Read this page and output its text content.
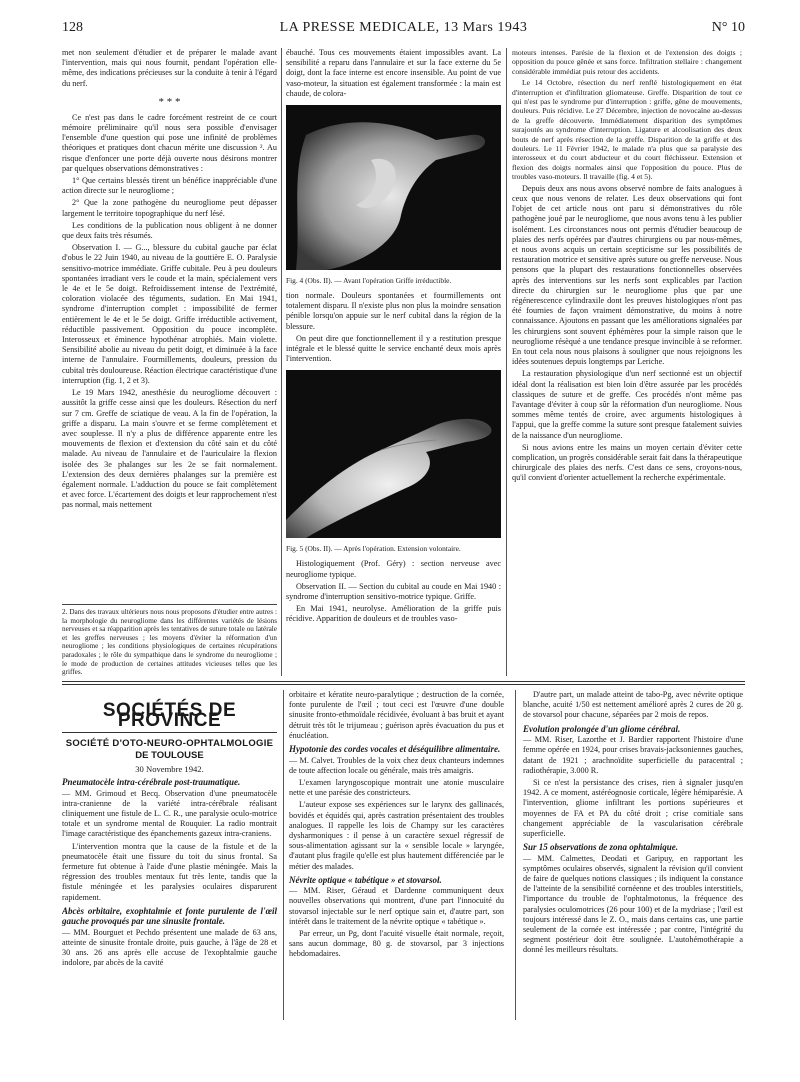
128	LA PRESSE MEDICALE, 13 Mars 1943	N° 10

met non seulement d'étudier et de préparer le malade avant l'intervention, mais qui nous fournit, pendant l'opération elle-même, des indications précieuses sur la conduite à tenir à l'égard du nerf.

* * *

Ce n'est pas dans le cadre forcément restreint de ce court mémoire préliminaire qu'il nous sera possible d'envisager l'ensemble d'une question qui pose une infinité de problèmes théoriques et pratiques dont chacun mérite une discussion ². Au risque d'enfoncer une porte déjà ouverte nous désirons montrer par quelques observations démonstratives :

1° Que certains blessés tirent un bénéfice inappréciable d'une action directe sur le neurogliome ;

2° Que la zone pathogène du neurogliome peut dépasser largement le territoire topographique du nerf lésé.

Les conditions de la publication nous obligent à ne donner que deux faits très résumés.

Observation I. — G..., blessure du cubital gauche par éclat d'obus le 22 Juin 1940, au niveau de la gouttière E. O. Paralysie sensitivo-motrice immédiate. Griffe cubitale. Peu à peu douleurs spontanées irradiant vers le coude et la main, spécialement vers le 4e et le 5e doigt. Refroidissement intense de l'extrémité, coloration violacée des téguments, sudation. En Mai 1941, syndrome d'interruption complet : impossibilité de fermer entièrement le 4e et le 5e doigt. Griffe irréductible activement, réductible passivement. Opposition du pouce incomplète. Interosseux et éminence hypothénar atrophiés. Main violette. Sensibilité abolie au niveau du petit doigt, et diminuée à la face interne de l'annulaire. Fourmillements, douleurs, pression du cubital très douloureuse. Réaction électrique caractéristique d'une interruption (fig. 1, 2 et 3).

Le 19 Mars 1942, anesthésie du neurogliome découvert : aussitôt la griffe cesse ainsi que les douleurs. Résection du nerf sur 7 cm. Greffe de sciatique de veau. A la fin de l'opération, la griffe a disparu. La main s'ouvre et se ferme complètement et avec souplesse. Il n'y a plus de différence apparente entre les mouvements de flexion et d'extension du côté sain et du côté malade. Au niveau de l'annulaire et de l'auriculaire la flexion isolée des 3e phalanges sur les 2e se fait normalement. L'extension des deux dernières phalanges sur la première est également normale. L'adduction du pouce se fait complètement et avec force. L'écartement des doigts et leur rapprochement n'est pas normal, mais nettement

2. Dans des travaux ultérieurs nous nous proposons d'étudier entre autres : la morphologie du neurogliome dans les différentes variétés de lésions nerveuses et sa réapparition après les tentatives de suture totale ou latérale et les greffes nerveuses ; les moyens d'éviter la réformation d'un neurogliome ; les conditions physiologiques de certaines récupérations paradoxales ; le rôle du sympathique dans le syndrome du neurogliome ; le mode de production de certaines attitudes vicieuses telles que les griffes.

ébauché. Tous ces mouvements étaient impossibles avant. La sensibilité a reparu dans l'annulaire et sur la face externe du 5e doigt, dont la face interne est encore insensible. Au point de vue vaso-moteur, la situation est également transformée : la main est chaude, de colora-

Fig. 4 (Obs. II). — Avant l'opération Griffe irréductible.

tion normale. Douleurs spontanées et fourmillements ont totalement disparu. Il n'existe plus non plus la moindre sensation pénible lorsqu'on appuie sur le nerf cubital dans la région de la blessure.

On peut dire que fonctionnellement il y a restitution presque intégrale et le blessé quitte le service enchanté deux mois après l'intervention.

Fig. 5 (Obs. II). — Après l'opération. Extension volontaire.

Histologiquement (Prof. Géry) : section nerveuse avec neurogliome typique.

Observation II. — Section du cubital au coude en Mai 1940 : syndrome d'interruption sensitivo-motrice typique. Griffe.

En Mai 1941, neurolyse. Amélioration de la griffe puis récidive. Apparition de douleurs et de troubles vaso-

moteurs intenses. Parésie de la flexion et de l'extension des doigts ; opposition du pouce gênée et sans force. Infiltration stellaire : changement considérable immédiat puis retour des accidents.

Le 14 Octobre, résection du nerf renflé histologiquement en état d'interruption et d'infiltration gliomateuse. Greffe. Disparition de tout ce qui n'est pas le syndrome pur d'interruption : griffe, gêne de mouvements, douleurs. Puis récidive. Le 27 Décembre, injection de novocaïne au-dessus de la greffe découverte. Immédiatement disparition des symptômes surajoutés au syndrome d'interruption. Ligature et alcoolisation des deux bouts de nerf après résection de la greffe. Disparition de la griffe et des douleurs. Le 11 Février 1942, le malade n'a plus que sa paralysie des interosseux et du court abducteur et du court fléchisseur. Extension et flexion des doigts normales ainsi que l'opposition du pouce. Plus de troubles vaso-moteurs. Il travaille (fig. 4 et 5).

Depuis deux ans nous avons observé nombre de faits analogues à ceux que nous venons de relater. Les deux observations qui font l'objet de cet article nous ont paru si démonstratives du rôle pathogène joué par le neurogliome, que nous avons tenu à les publier isolément. Les circonstances nous ont permis d'étudier beaucoup de plaies des nerfs opérées par d'autres chirurgiens ou par nous-mêmes, et nous avons acquis un certain scepticisme sur les possibilités de restauration motrice et sensitive après suture ou greffe nerveuse. Nous pensons que la plupart des restaurations fonctionnelles observées après des interventions sur les nerfs sont explicables par l'action directe du chirurgien sur le neurogliome plus que par une régénerescence cylindraxile dont les preuves histologiques n'ont pas été fournies de façon vraiment démonstrative, du moins à notre connaissance. Ajoutons en passant que les améliorations signalées par les chirurgiens sont souvent éphémères pour la simple raison que le neurogliome résèqué a une tendance presque invincible à se reformer. En tout cela nous nous plaisons à souligner que nous rejoignons les idées soutenues depuis longtemps par Leriche.

La restauration physiologique d'un nerf sectionné est un objectif idéal dont la réalisation est bien loin d'être assurée par les procédés classiques de suture et de greffe. Ces procédés n'ont même pas l'avantage d'éviter à coup sûr la réformation d'un neurogliome. Nous sommes même tentés de croire, avec arguments histologiques à l'appui, que la greffe comme la suture sont presque fatalement suivies de la naissance d'un neurogliome.

Si nous avions entre les mains un moyen certain d'éviter cette complication, un progrès considérable serait fait dans la thérapeutique chirurgicale des plaies des nerfs. C'est dans ce sens, croyons-nous, qu'il convient d'orienter actuellement la recherche expérimentale.

SOCIÉTÉS DE PROVINCE
SOCIÉTÉ D'OTO-NEURO-OPHTALMOLOGIE
DE TOULOUSE
30 Novembre 1942.
Pneumatocèle intra-cérébrale post-traumatique.

— MM. Grimoud et Becq. Observation d'une pneumatocèle intra-cranienne de la variété intra-cérébrale réalisant cliniquement une fistule de L. C. R., une paralysie oculo-motrice totale et un syndrome mental de Rouquier. La radio montrait l'image caractéristique des épanchements gazeux intra-craniens.

L'intervention montra que la cause de la fistule et de la pneumatocèle était une fissure du toit du sinus frontal. Sa fermeture fut obtenue à l'aide d'une plastie méningée. Mais la régression des troubles mentaux fut très lente, tandis que la fistule méningée et les paralysies oculaires disparurent rapidement.

Abcès orbitaire, exophtalmie et fonte purulente de l'œil gauche provoqués par une sinusite frontale.

— MM. Bourguet et Pechdo présentent une malade de 63 ans, atteinte de sinusite frontale droite, puis gauche, à l'âge de 28 et 30 ans. 26 ans après elle accuse de l'exophtalmie gauche indolore, par abcès de la cavité

orbitaire et kératite neuro-paralytique ; destruction de la cornée, fonte purulente de l'œil ; tout ceci est l'œuvre d'une double sinusite fronto-ethmoïdale récidivée, évoluant à bas bruit et ayant détruit très tôt le trijumeau ; guérison après évacuation du pus et énucléation.

Hypotonie des cordes vocales et déséquilibre alimentaire.

— M. Calvet. Troubles de la voix chez deux chanteurs indemnes de toute affection locale ou générale, mais très amaigris.

L'examen laryngoscopique montrait une atonie musculaire nette et une parésie des constricteurs.

L'auteur expose ses expériences sur le larynx des gallinacés, bovidés et équidés qui, après castration présentaient des troubles analogues. Il rappelle les lois de Champy sur les caractères dysharmoniques : il pense à un caractère sexuel régressif de sous-alimentation agissant sur la « sensible locale » laryngée, d'autant plus fragile qu'elle est plus hautement différenciée par le métier des malades.

Névrite optique « tabétique » et stovarsol.

— MM. Riser, Géraud et Dardenne communiquent deux nouvelles observations qui montrent, d'une part l'innocuité du stovarsol injectable sur le nerf optique sain et, d'autre part, son intérêt dans le traitement de la névrite optique « tabétique ».

Par erreur, un Pg, dont l'acuité visuelle était normale, reçoit, sans aucun dommage, 80 g. de stovarsol, par 3 injections hebdomadaires.

D'autre part, un malade atteint de tabo-Pg, avec névrite optique blanche, acuité 1/50 est nettement amélioré après 2 cures de 20 g. de stovarsol pour chacune, séparées par 2 mois de repos.

Evolution prolongée d'un gliome cérébral.

— MM. Riser, Lazorthe et J. Bardier rapportent l'histoire d'une femme opérée en 1924, pour crises bravais-jacksoniennes gauches, datant de 1921 ; arachnoïdite superficielle du paracentral ; radiothérapie, 3.000 R.

Si ce n'est la persistance des crises, rien à signaler jusqu'en 1942. A ce moment, astéréognosie corticale, légère hémiparésie. A l'intervention, gliome infiltrant les portions supérieures et moyennes de FA et PA du côté droit ; crise comitiale sans changement appréciable de la vascularisation cérébrale superficielle.

Sur 15 observations de zona ophtalmique.

— MM. Calmettes, Deodati et Garipuy, en rapportant les symptômes oculaires observés, signalent la révision qu'il convient de faire de quelques notions classiques ; ils indiquent la constance de l'atteinte de la sensibilité cornéenne et des troubles interstitiels, l'importance du trouble de l'ophtalmotonus, la fréquence des paralysies oculomotrices (26 pour 100) et de la mydriase ; l'œil est toujours intéressé dans le Z. O., mais dans certains cas, une partie seulement de la cornée est intéressée ; par contre, l'intégrité du segment postérieur doit être soulignée. L'autohémothérapie a donné les meilleurs résultats.
